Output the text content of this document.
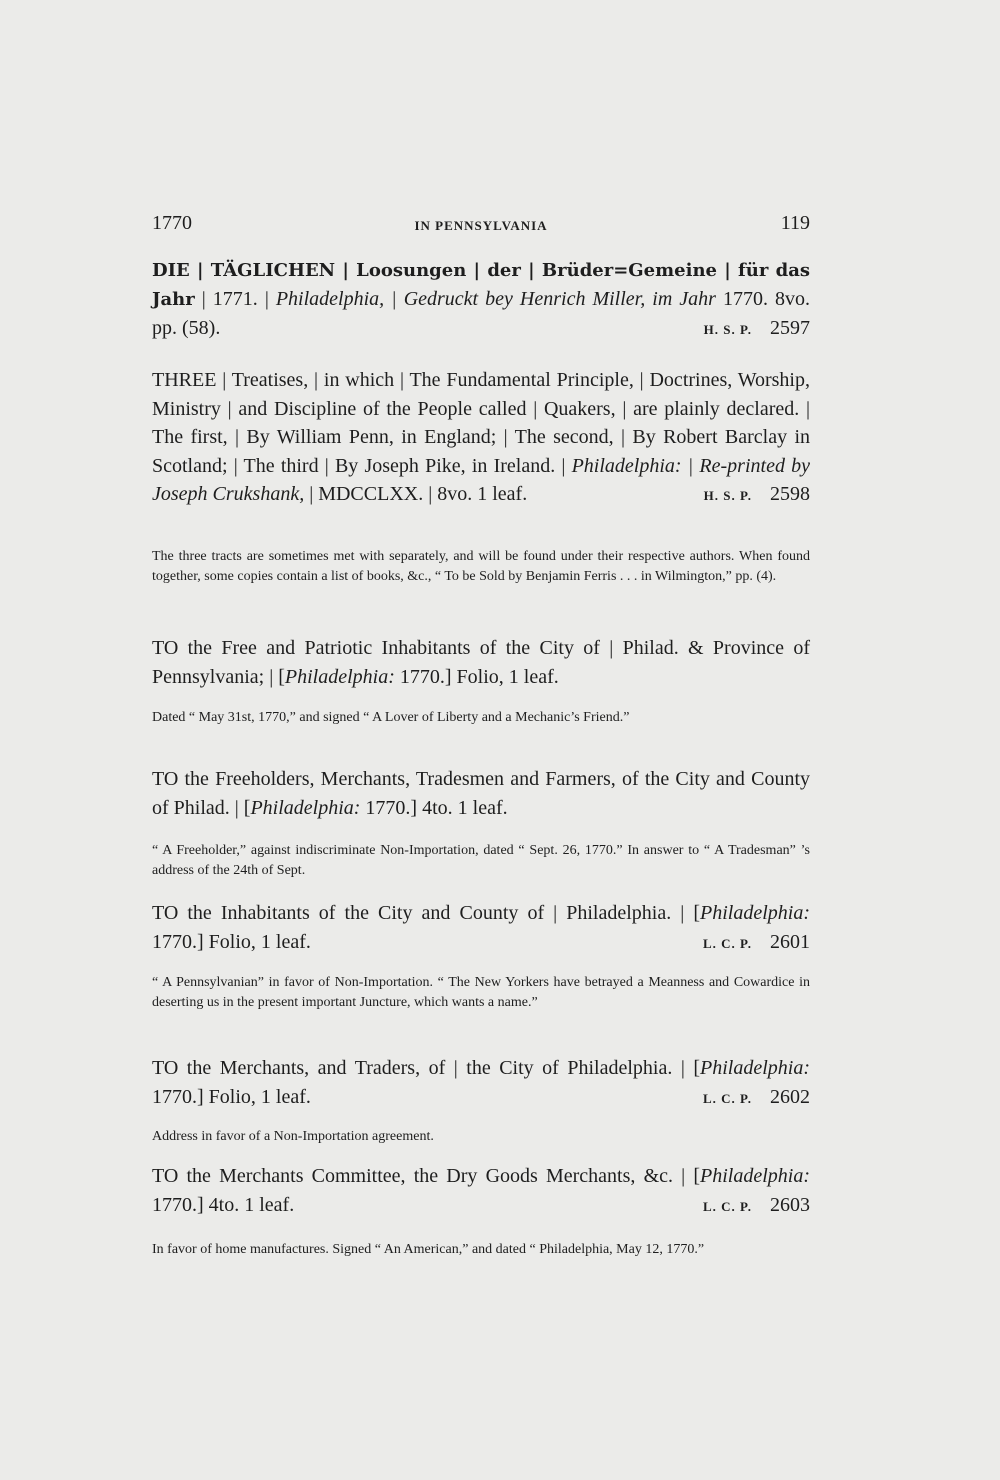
1770	IN PENNSYLVANIA	119

DIE | TÄGLICHEN | Loosungen | der | Brüder=Gemeine | für das Jahr | 1771. | Philadelphia, | Gedruckt bey Henrich Miller, im Jahr 1770. 8vo. pp. (58).	H. S. P. 2597

THREE | Treatises, | in which | The Fundamental Principle, | Doctrines, Worship, Ministry | and Discipline of the People called | Quakers, | are plainly declared. | The first, | By William Penn, in England; | The second, | By Robert Barclay in Scotland; | The third | By Joseph Pike, in Ireland. | Philadelphia: | Re-printed by Joseph Crukshank, | MDCCLXX. | 8vo. 1 leaf.	H. S. P. 2598

The three tracts are sometimes met with separately, and will be found under their respective authors. When found together, some copies contain a list of books, &c., “ To be Sold by Benjamin Ferris . . . in Wilmington,” pp. (4).

TO the Free and Patriotic Inhabitants of the City of | Philad. & Province of Pennsylvania; | [Philadelphia: 1770.] Folio, 1 leaf.

Dated “ May 31st, 1770,” and signed “ A Lover of Liberty and a Mechanic’s Friend.”

TO the Freeholders, Merchants, Tradesmen and Farmers, of the City and County of Philad. | [Philadelphia: 1770.] 4to. 1 leaf.

“ A Freeholder,” against indiscriminate Non-Importation, dated “ Sept. 26, 1770.” In answer to “ A Tradesman” ’s address of the 24th of Sept.

TO the Inhabitants of the City and County of | Philadelphia. | [Philadelphia: 1770.] Folio, 1 leaf.	L. C. P. 2601

“ A Pennsylvanian” in favor of Non-Importation. “ The New Yorkers have betrayed a Meanness and Cowardice in deserting us in the present important Juncture, which wants a name.”

TO the Merchants, and Traders, of | the City of Philadelphia. | [Philadelphia: 1770.] Folio, 1 leaf.	L. C. P. 2602

Address in favor of a Non-Importation agreement.

TO the Merchants Committee, the Dry Goods Merchants, &c. | [Philadelphia: 1770.] 4to. 1 leaf.	L. C. P. 2603

In favor of home manufactures. Signed “ An American,” and dated “ Philadelphia, May 12, 1770.”
